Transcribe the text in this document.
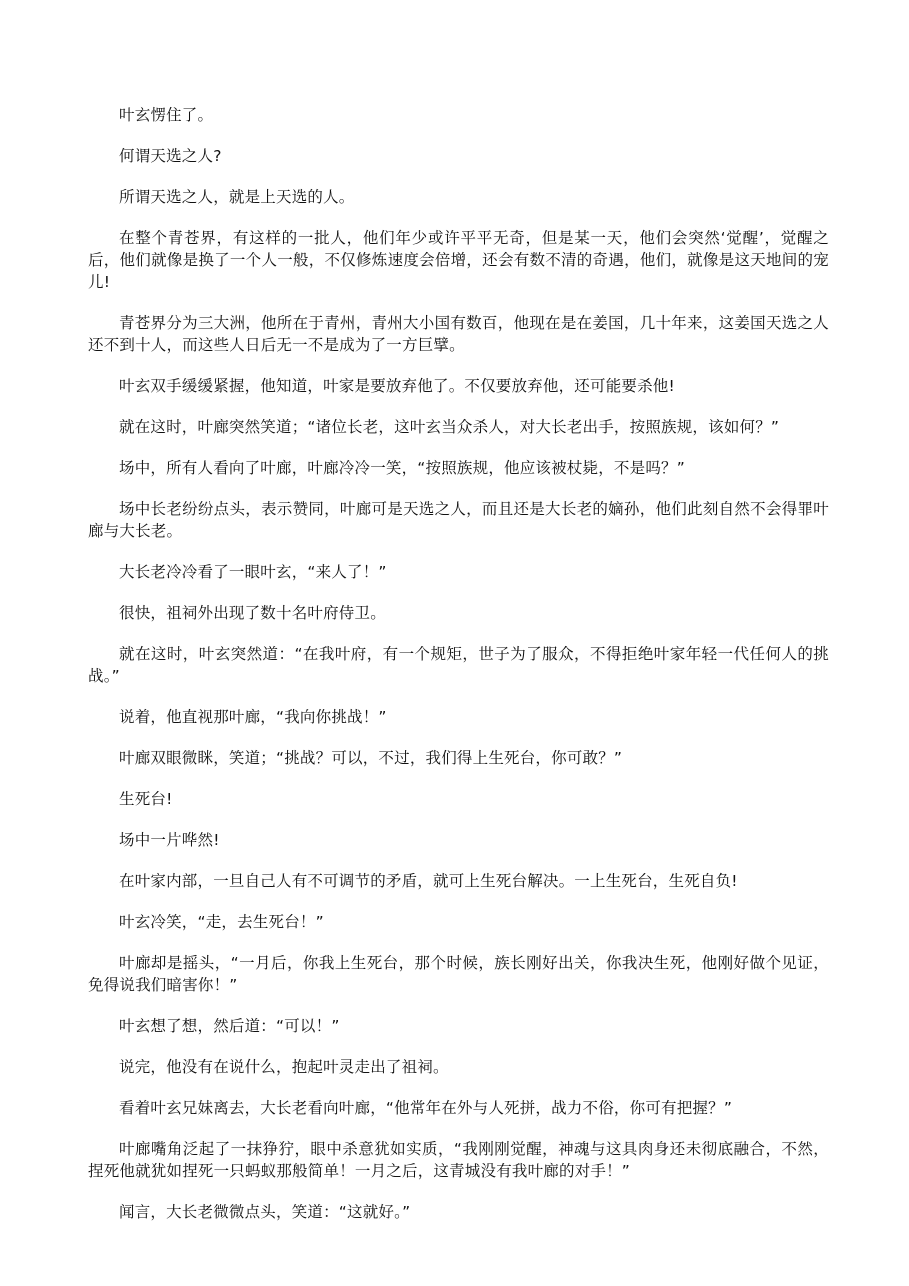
叶玄愣住了。

何谓天选之人?

所谓天选之人，就是上天选的人。

在整个青苍界，有这样的一批人，他们年少或许平平无奇，但是某一天，他们会突然‘觉醒’，觉醒之后，他们就像是换了一个人一般，不仅修炼速度会倍增，还会有数不清的奇遇，他们，就像是这天地间的宠儿!

青苍界分为三大洲，他所在于青州，青州大小国有数百，他现在是在姜国，几十年来，这姜国天选之人还不到十人，而这些人日后无一不是成为了一方巨擘。

叶玄双手缓缓紧握，他知道，叶家是要放弃他了。不仅要放弃他，还可能要杀他!

就在这时，叶廊突然笑道；“诸位长老，这叶玄当众杀人，对大长老出手，按照族规，该如何？”

场中，所有人看向了叶廊，叶廊冷冷一笑，“按照族规，他应该被杖毙，不是吗？”

场中长老纷纷点头，表示赞同，叶廊可是天选之人，而且还是大长老的嫡孙，他们此刻自然不会得罪叶廊与大长老。

大长老冷冷看了一眼叶玄，“来人了！”

很快，祖祠外出现了数十名叶府侍卫。

就在这时，叶玄突然道：“在我叶府，有一个规矩，世子为了服众，不得拒绝叶家年轻一代任何人的挑战。”

说着，他直视那叶廊，“我向你挑战！”

叶廊双眼微眯，笑道；“挑战？可以，不过，我们得上生死台，你可敢？”

生死台!

场中一片哗然!

在叶家内部，一旦自己人有不可调节的矛盾，就可上生死台解决。一上生死台，生死自负!

叶玄冷笑，“走，去生死台！”

叶廊却是摇头，“一月后，你我上生死台，那个时候，族长刚好出关，你我决生死，他刚好做个见证，免得说我们暗害你！”

叶玄想了想，然后道：“可以！”

说完，他没有在说什么，抱起叶灵走出了祖祠。

看着叶玄兄妹离去，大长老看向叶廊，“他常年在外与人死拼，战力不俗，你可有把握？”

叶廊嘴角泛起了一抹狰狞，眼中杀意犹如实质，“我刚刚觉醒，神魂与这具肉身还未彻底融合，不然，捏死他就犹如捏死一只蚂蚁那般简单！一月之后，这青城没有我叶廊的对手！”

闻言，大长老微微点头，笑道：“这就好。”
